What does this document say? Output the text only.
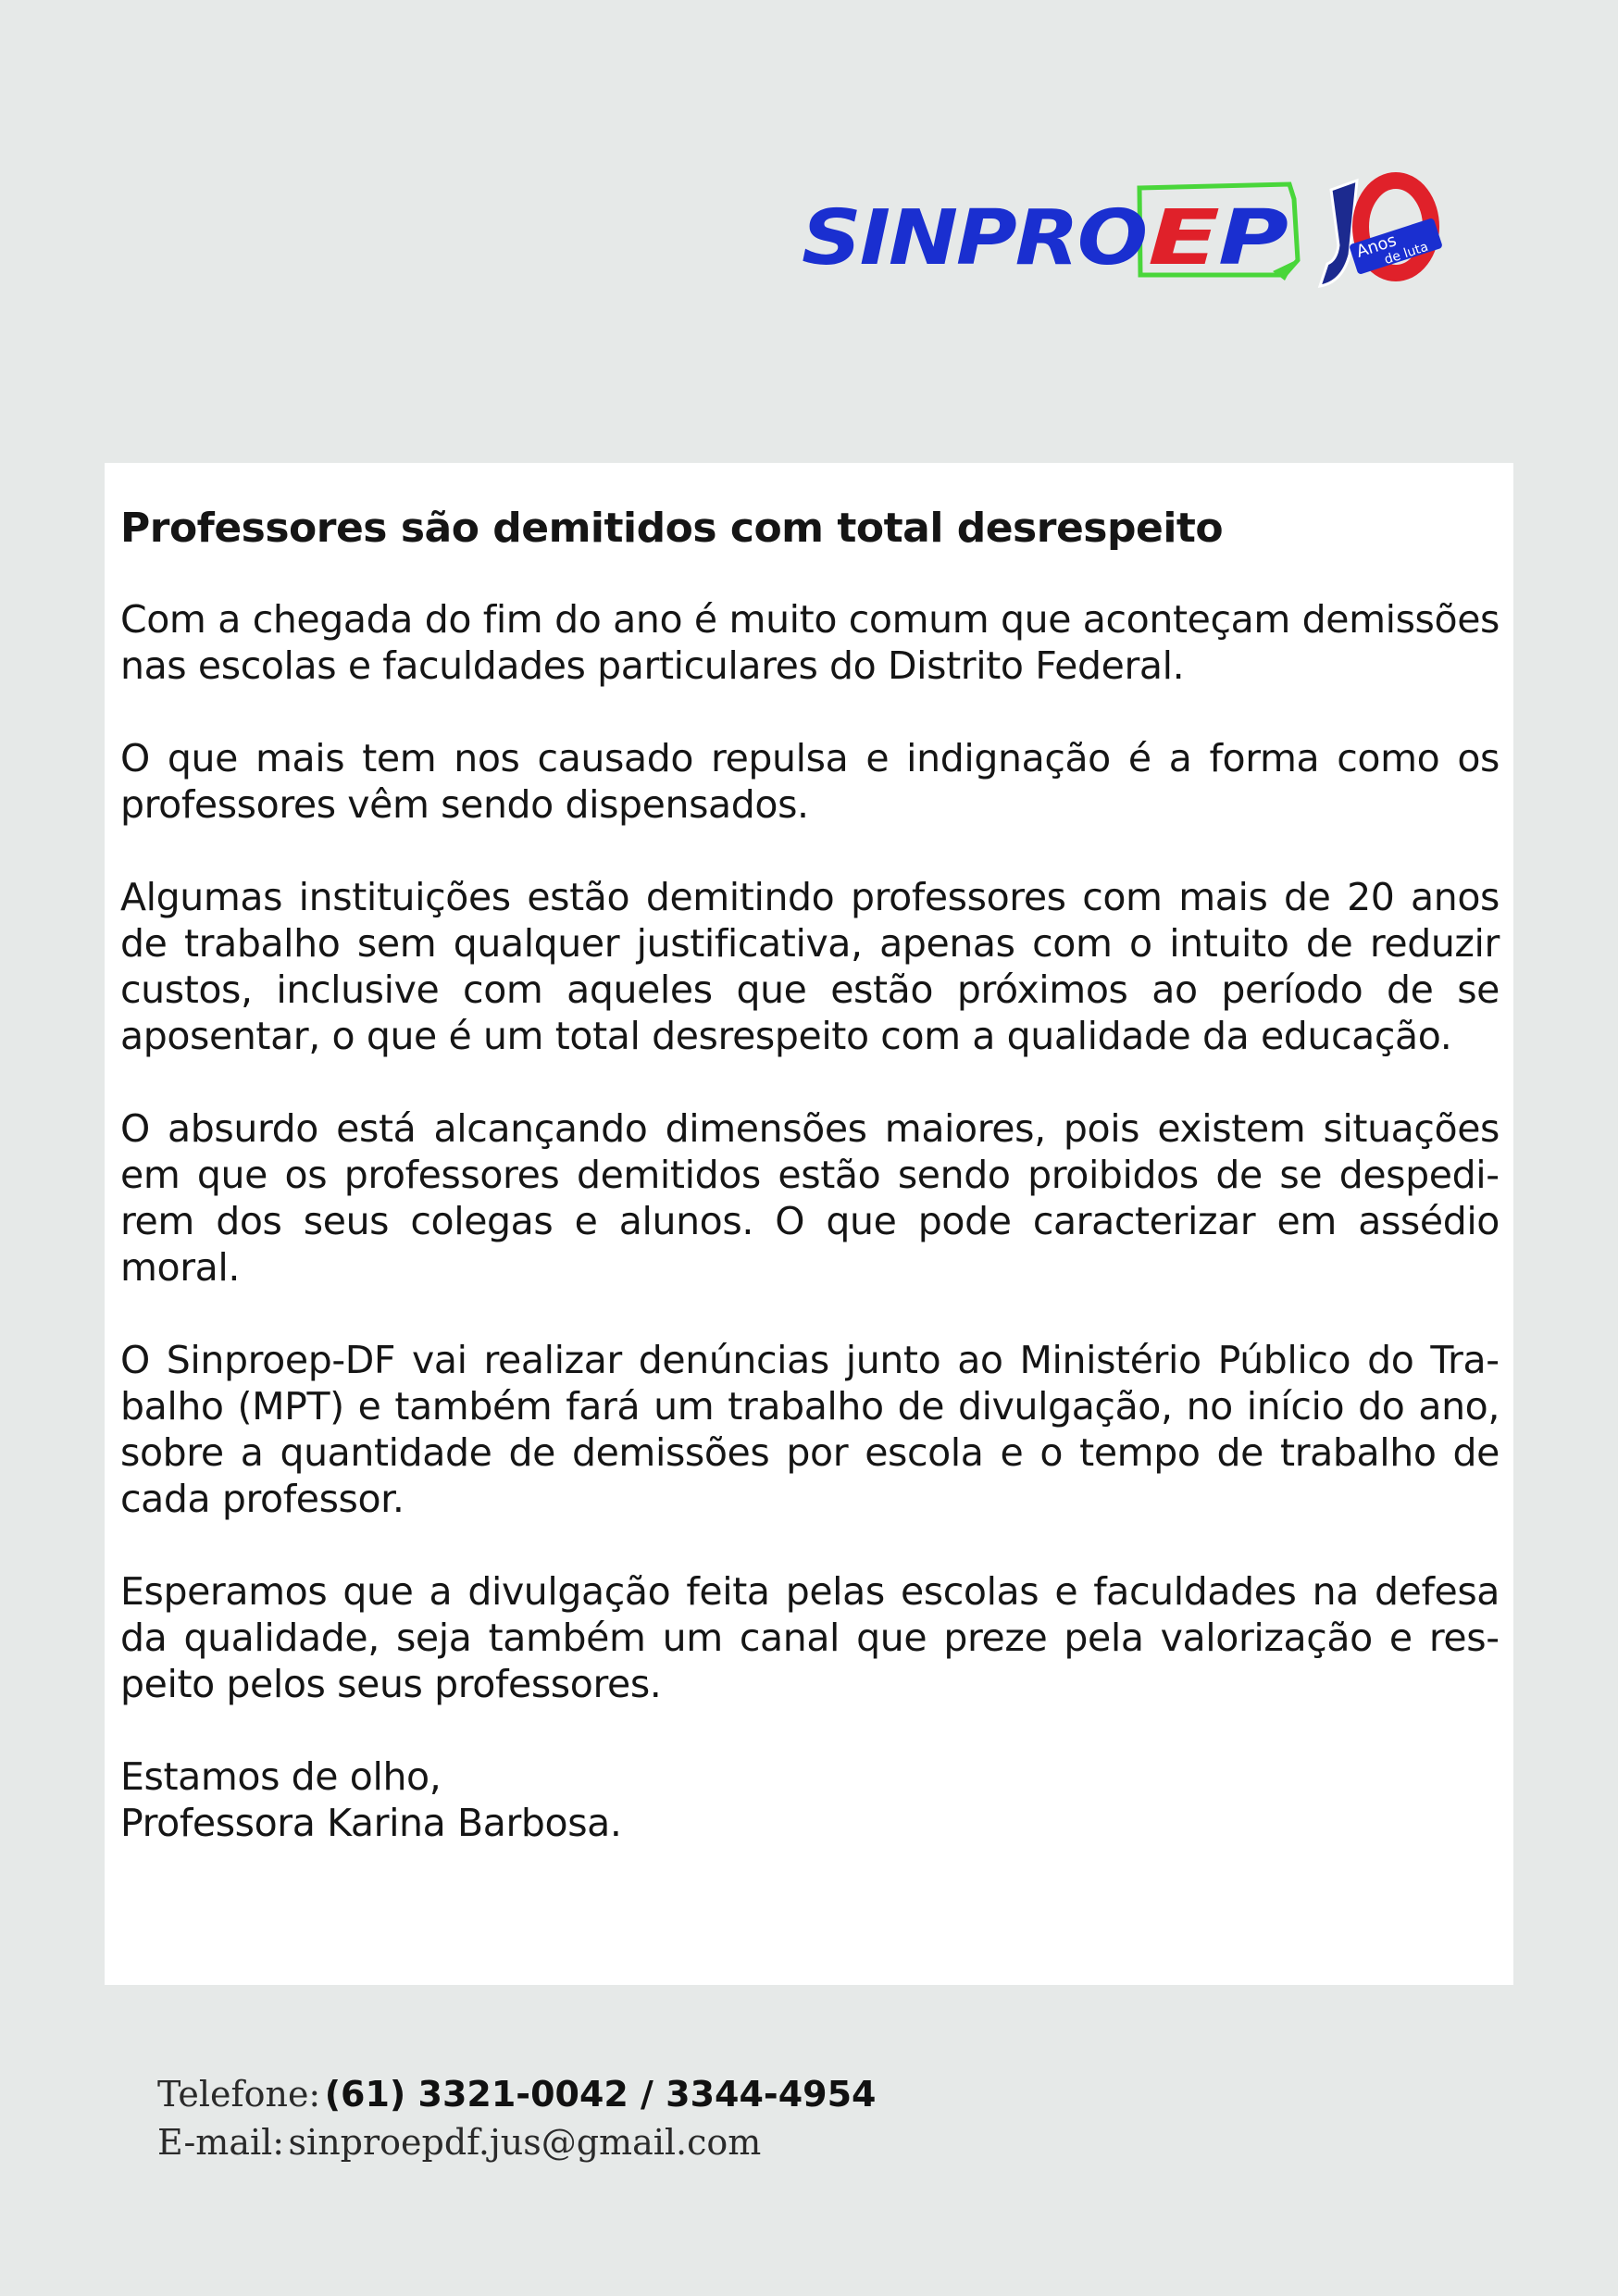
SINPRO E
P	Anos
de luta
Professores são demitidos com total desrespeito

Com a chegada do fim do ano é muito comum que aconteçam demissões nas escolas e faculdades particulares do Distrito Federal.

O que mais tem nos causado repulsa e indignação é a forma como os professores vêm sendo dispensados.

Algumas instituições estão demitindo professores com mais de 20 anos de trabalho sem qualquer justificativa, apenas com o intuito de reduzir custos, inclusive com aqueles que estão próximos ao período de se aposentar, o que é um total desrespeito com a qualidade da educação.

O absurdo está alcançando dimensões maiores, pois existem situações em que os professores demitidos estão sendo proibidos de se despedirem dos seus colegas e alunos. O que pode caracterizar em assédio moral.

O Sinproep-DF vai realizar denúncias junto ao Ministério Público do Trabalho (MPT) e também fará um trabalho de divulgação, no início do ano, sobre a quantidade de demissões por escola e o tempo de trabalho de cada professor.

Esperamos que a divulgação feita pelas escolas e faculdades na defesa da qualidade, seja também um canal que preze pela valorização e respeito pelos seus professores.

Estamos de olho,

Professora Karina Barbosa.

Telefone: (61) 3321-0042 / 3344-4954
E-mail: sinproepdf.jus@gmail.com
